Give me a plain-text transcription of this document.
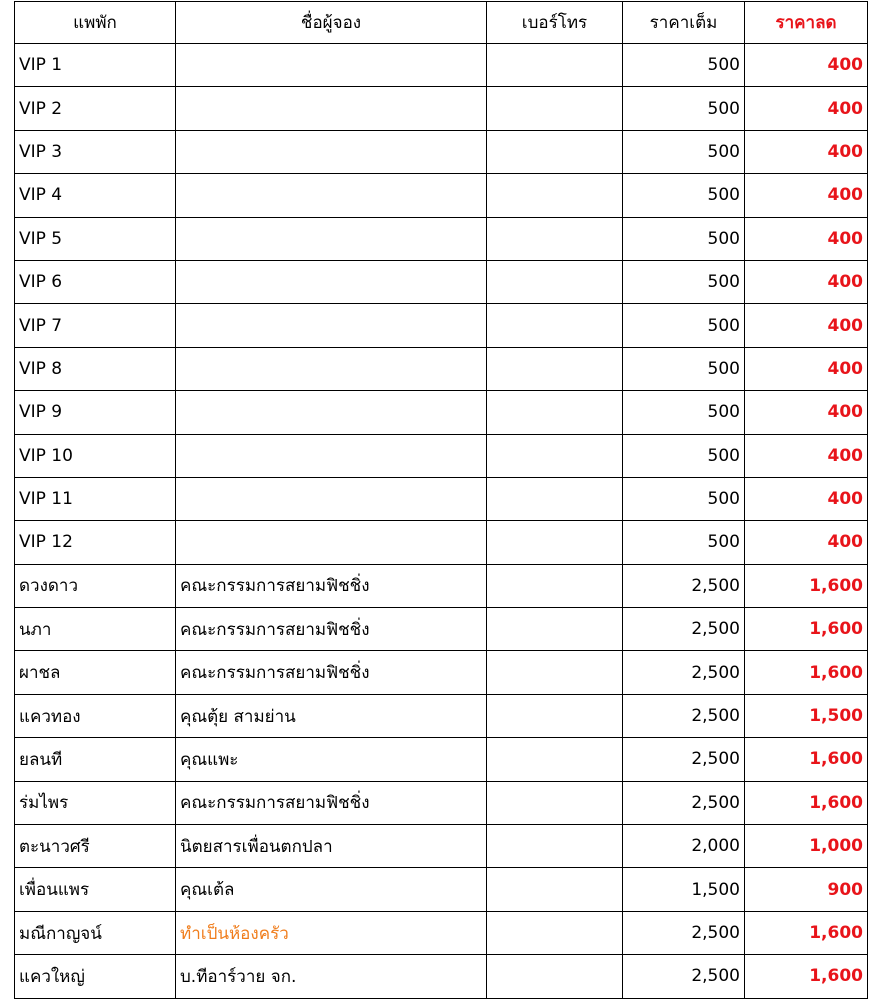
แพพัก	ชื่อผู้จอง	เบอร์โทร	ราคาเต็ม	ราคาลด
VIP 1			500	400
VIP 2			500	400
VIP 3			500	400
VIP 4			500	400
VIP 5			500	400
VIP 6			500	400
VIP 7			500	400
VIP 8			500	400
VIP 9			500	400
VIP 10			500	400
VIP 11			500	400
VIP 12			500	400
ดวงดาว	คณะกรรมการสยามฟิชชิ่ง		2,500	1,600
นภา	คณะกรรมการสยามฟิชชิ่ง		2,500	1,600
ผาชล	คณะกรรมการสยามฟิชชิ่ง		2,500	1,600
แควทอง	คุณตุ้ย สามย่าน		2,500	1,500
ยลนที	คุณแพะ		2,500	1,600
ร่มไพร	คณะกรรมการสยามฟิชชิ่ง		2,500	1,600
ตะนาวศรี	นิตยสารเพื่อนตกปลา		2,000	1,000
เพื่อนแพร	คุณเต้ล		1,500	900
มณีกาญจน์	ทำเป็นห้องครัว		2,500	1,600
แควใหญ่	บ.ทีอาร์วาย จก.		2,500	1,600
